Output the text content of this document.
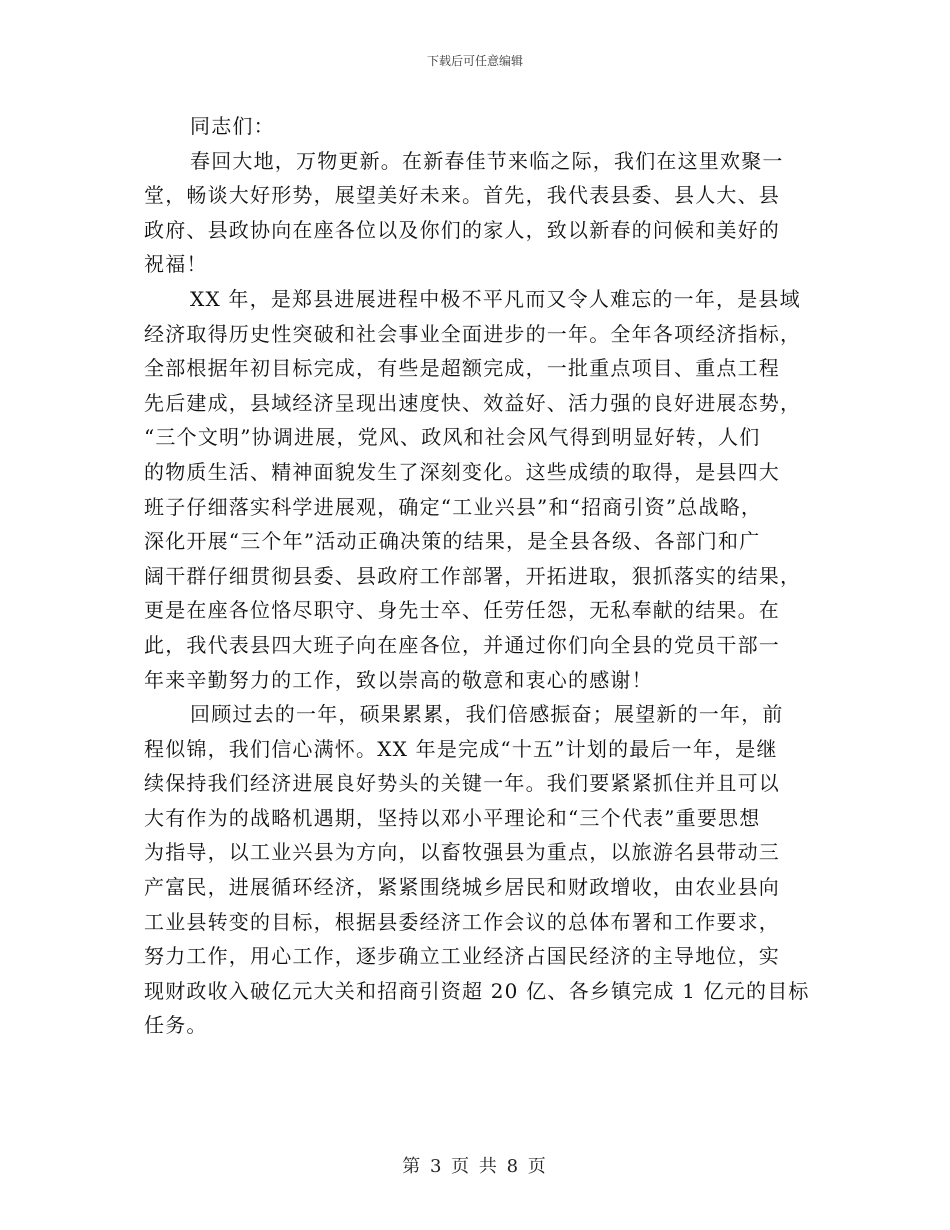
下载后可任意编辑
同志们：
春回大地，万物更新。在新春佳节来临之际，我们在这里欢聚一
堂，畅谈大好形势，展望美好未来。首先，我代表县委、县人大、县
政府、县政协向在座各位以及你们的家人，致以新春的问候和美好的
祝福！
XX 年，是郑县进展进程中极不平凡而又令人难忘的一年，是县域
经济取得历史性突破和社会事业全面进步的一年。全年各项经济指标，
全部根据年初目标完成，有些是超额完成，一批重点项目、重点工程
先后建成，县域经济呈现出速度快、效益好、活力强的良好进展态势，
“三个文明”协调进展，党风、政风和社会风气得到明显好转，人们
的物质生活、精神面貌发生了深刻变化。这些成绩的取得，是县四大
班子仔细落实科学进展观，确定“工业兴县”和“招商引资”总战略，
深化开展“三个年”活动正确决策的结果，是全县各级、各部门和广
阔干群仔细贯彻县委、县政府工作部署，开拓进取，狠抓落实的结果，
更是在座各位恪尽职守、身先士卒、任劳任怨，无私奉献的结果。在
此，我代表县四大班子向在座各位，并通过你们向全县的党员干部一
年来辛勤努力的工作，致以崇高的敬意和衷心的感谢！
回顾过去的一年，硕果累累，我们倍感振奋；展望新的一年，前
程似锦，我们信心满怀。XX 年是完成“十五”计划的最后一年，是继
续保持我们经济进展良好势头的关键一年。我们要紧紧抓住并且可以
大有作为的战略机遇期，坚持以邓小平理论和“三个代表”重要思想
为指导，以工业兴县为方向，以畜牧强县为重点，以旅游名县带动三
产富民，进展循环经济，紧紧围绕城乡居民和财政增收，由农业县向
工业县转变的目标，根据县委经济工作会议的总体布署和工作要求，
努力工作，用心工作，逐步确立工业经济占国民经济的主导地位，实
现财政收入破亿元大关和招商引资超 20 亿、各乡镇完成 1 亿元的目标
任务。
第 3 页 共 8 页
